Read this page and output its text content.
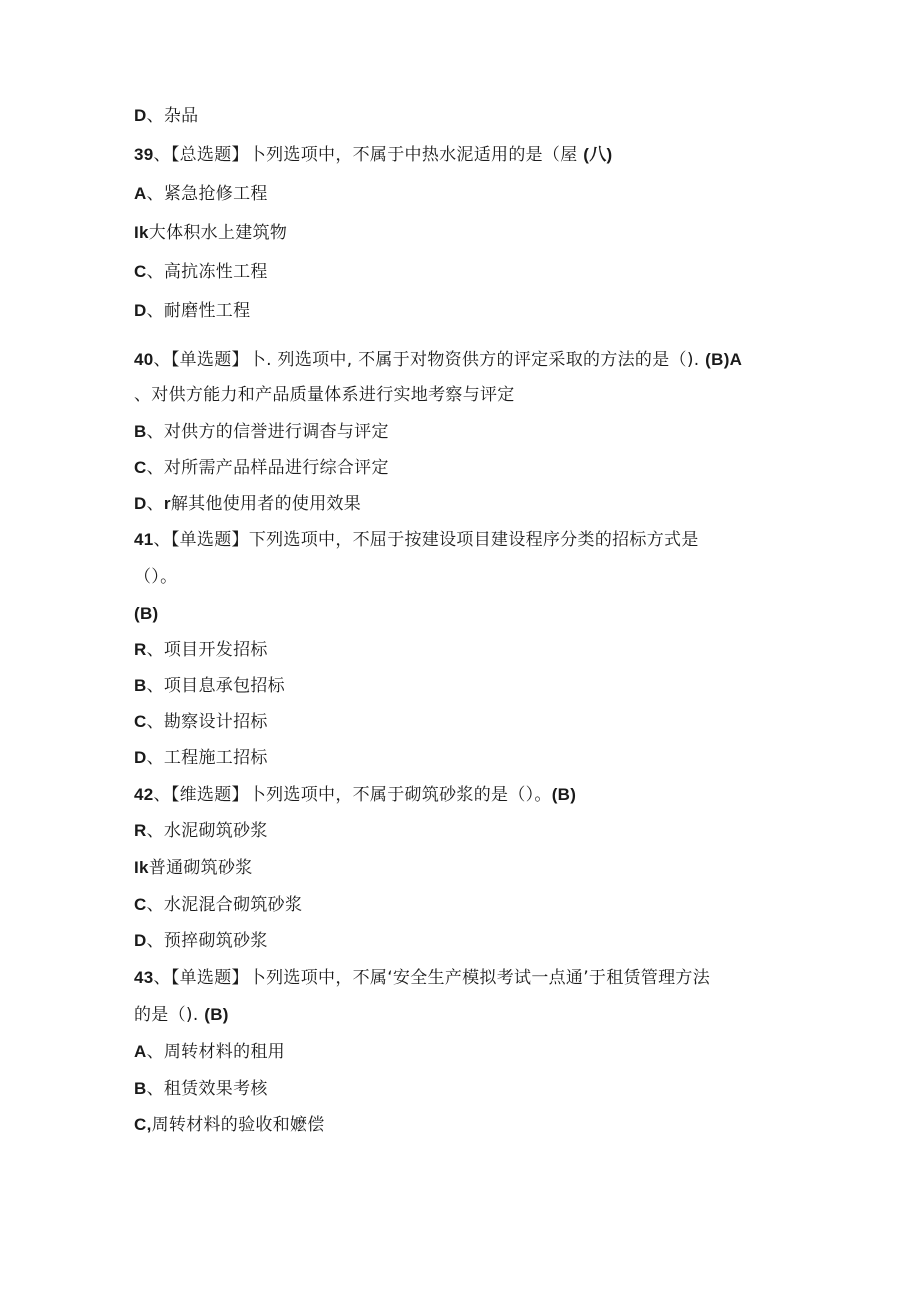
D、杂品
39、【总选题】卜列选项中，不属于中热水泥适用的是（屋 (八)
A、紧急抢修工程
Ik大体积水上建筑物
C、高抗冻性工程
D、耐磨性工程
40、【单选题】卜. 列选项中, 不属于对物资供方的评定采取的方法的是（). (B)A
、对供方能力和产品质量体系进行实地考察与评定
B、对供方的信誉进行调杳与评定
C、对所需产品样品进行综合评定
D、r解其他使用者的使用效果
41、【单选题】下列选项中，不屈于按建设项目建设程序分类的招标方式是
（）。
(B)
R、项目开发招标
B、项目息承包招标
C、勘察设计招标
D、工程施工招标
42、【维选题】卜列选项中，不属于砌筑砂浆的是（）。(B)
R、水泥砌筑砂浆
Ik普通砌筑砂浆
C、水泥混合砌筑砂浆
D、预捽砌筑砂浆
43、【单选题】卜列选项中，不属‘安全生产模拟考试一点通’于租赁管理方法
的是（). (B)
A、周转材料的租用
B、租赁效果考核
C,周转材料的验收和嬷偿
